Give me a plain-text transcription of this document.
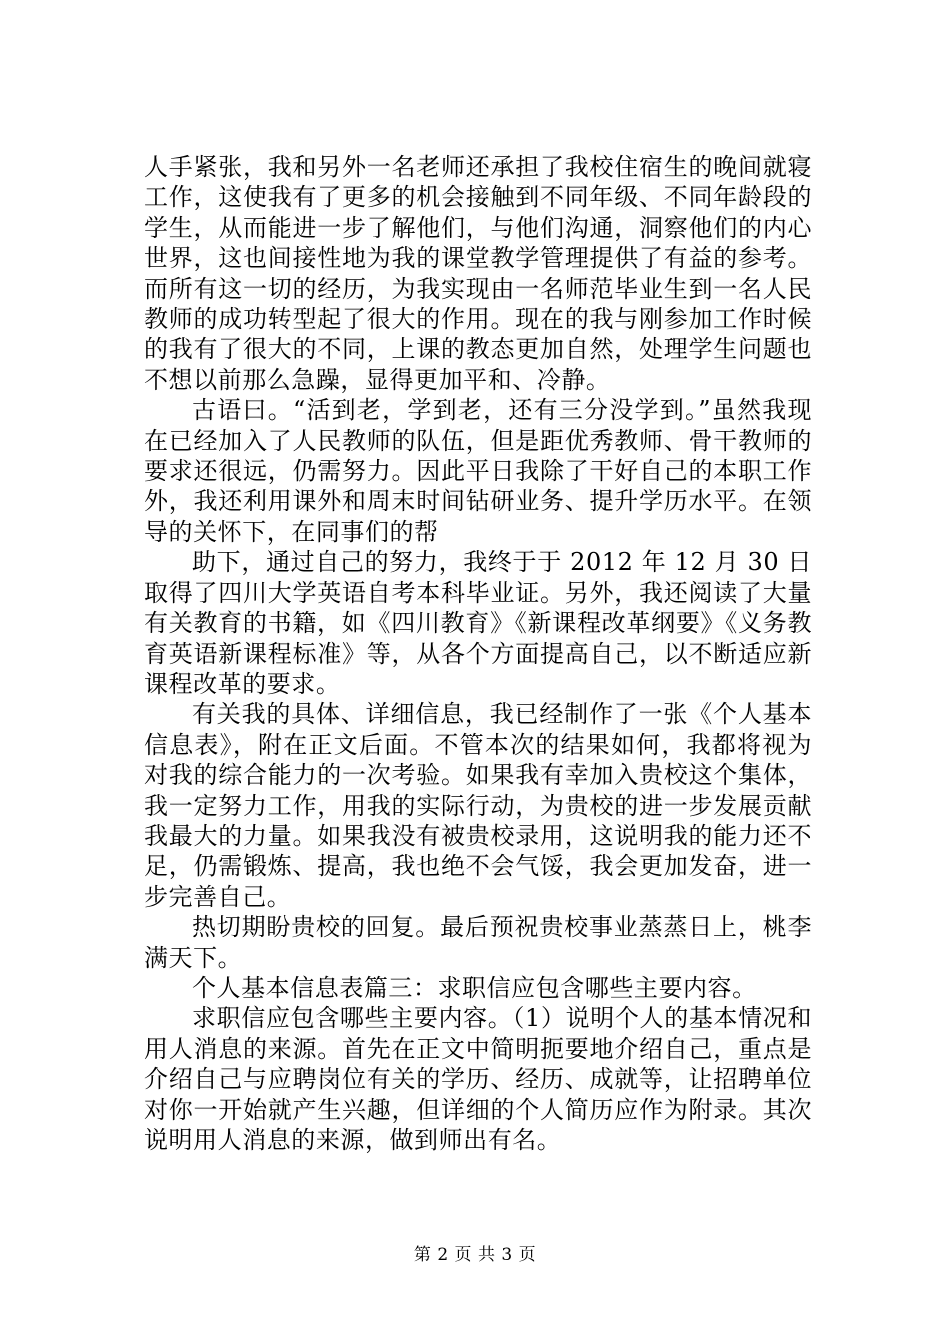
人手紧张，我和另外一名老师还承担了我校住宿生的晚间就寝工作，这使我有了更多的机会接触到不同年级、不同年龄段的学生，从而能进一步了解他们，与他们沟通，洞察他们的内心世界，这也间接性地为我的课堂教学管理提供了有益的参考。而所有这一切的经历，为我实现由一名师范毕业生到一名人民教师的成功转型起了很大的作用。现在的我与刚参加工作时候的我有了很大的不同，上课的教态更加自然，处理学生问题也不想以前那么急躁，显得更加平和、冷静。

古语曰。“活到老，学到老，还有三分没学到。”虽然我现在已经加入了人民教师的队伍，但是距优秀教师、骨干教师的要求还很远，仍需努力。因此平日我除了干好自己的本职工作外，我还利用课外和周末时间钻研业务、提升学历水平。在领导的关怀下，在同事们的帮

助下，通过自己的努力，我终于于 2012 年 12 月 30 日取得了四川大学英语自考本科毕业证。另外，我还阅读了大量有关教育的书籍，如《四川教育》《新课程改革纲要》《义务教育英语新课程标准》等，从各个方面提高自己，以不断适应新课程改革的要求。

有关我的具体、详细信息，我已经制作了一张《个人基本信息表》，附在正文后面。不管本次的结果如何，我都将视为对我的综合能力的一次考验。如果我有幸加入贵校这个集体，我一定努力工作，用我的实际行动，为贵校的进一步发展贡献我最大的力量。如果我没有被贵校录用，这说明我的能力还不足，仍需锻炼、提高，我也绝不会气馁，我会更加发奋，进一步完善自己。

热切期盼贵校的回复。最后预祝贵校事业蒸蒸日上，桃李满天下。

个人基本信息表篇三：求职信应包含哪些主要内容。

求职信应包含哪些主要内容。（1）说明个人的基本情况和用人消息的来源。首先在正文中简明扼要地介绍自己，重点是介绍自己与应聘岗位有关的学历、经历、成就等，让招聘单位对你一开始就产生兴趣，但详细的个人简历应作为附录。其次说明用人消息的来源，做到师出有名。

第 2 页 共 3 页
